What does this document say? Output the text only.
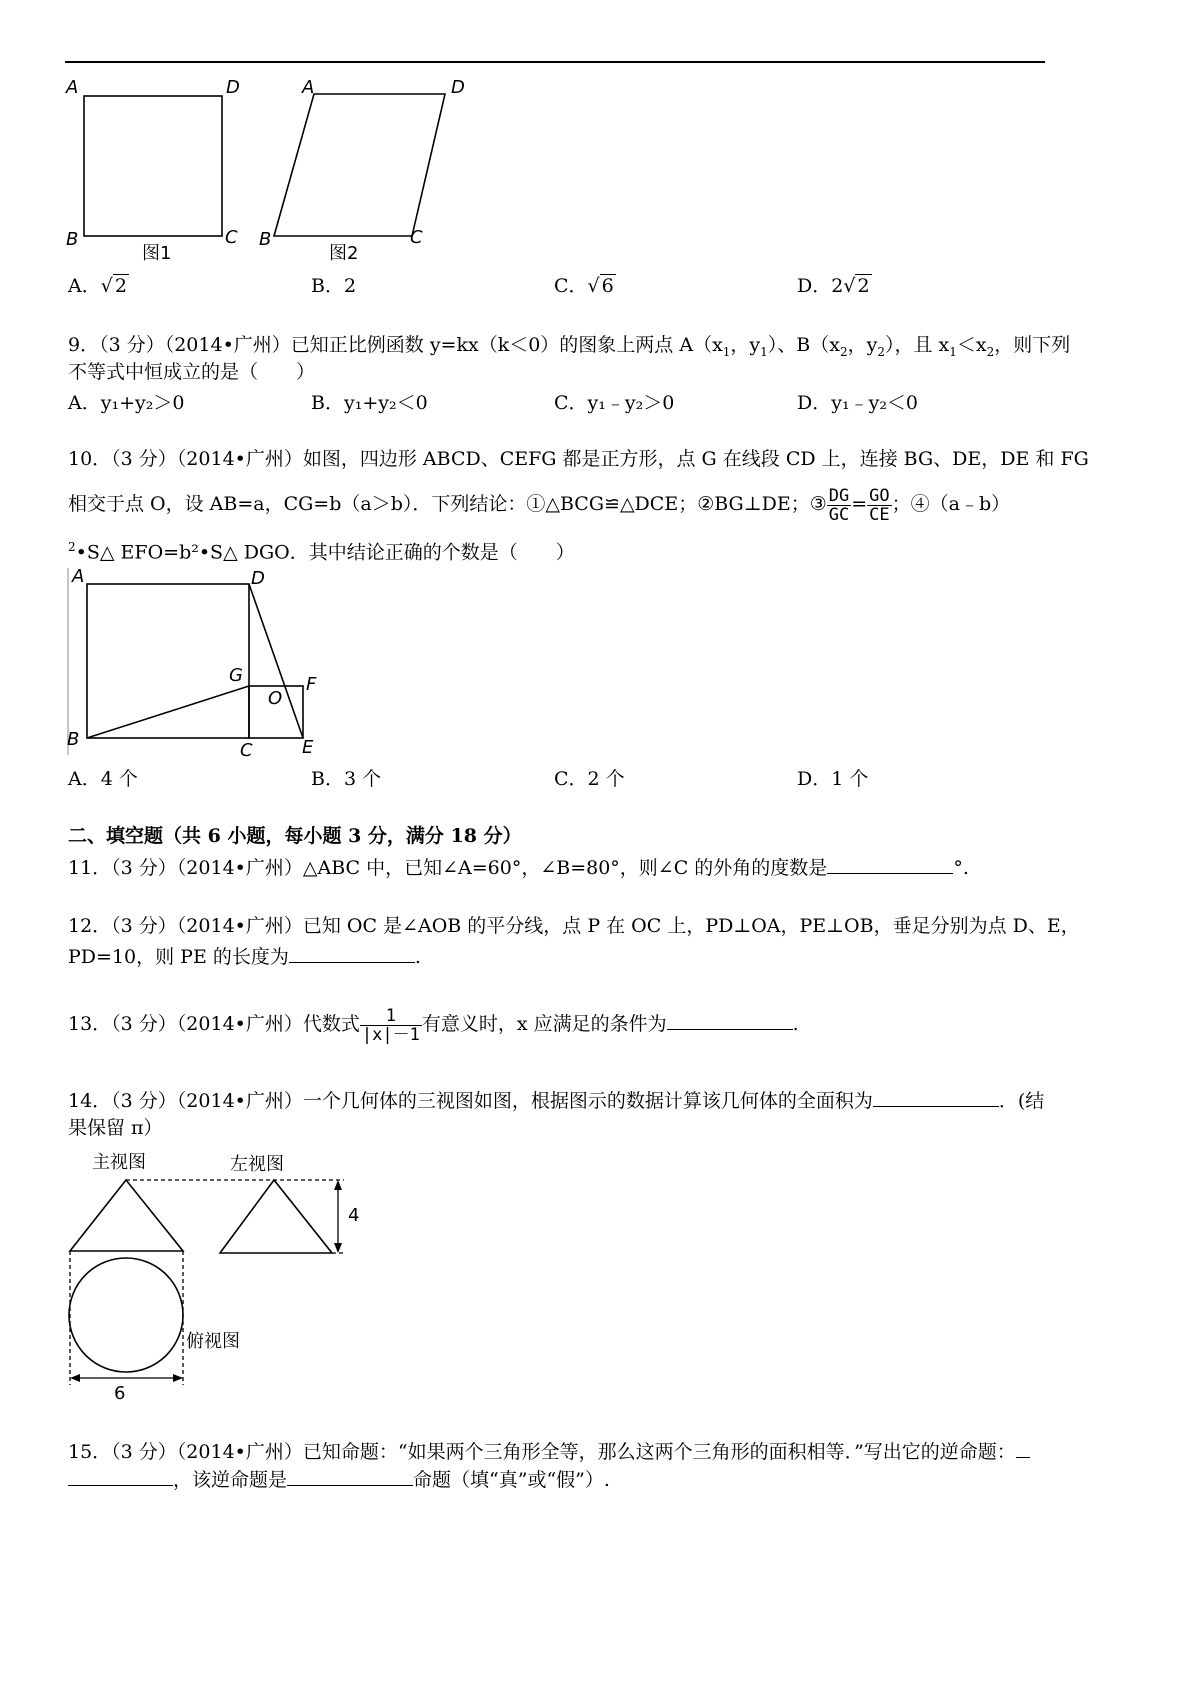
A	D
B	C
图1
A	D
B	C
图2
A．√ 2	B．2	C．√ 6	D．2√ 2
9．（3 分）（2014•广州）已知正比例函数 y=kx（k＜0）的图象上两点 $A(x_1$，$y_1$）、$B(x_2$，$y_2$），且 $x_1<x_2$，则下列
不等式中恒成立的是（　　）
A．y₁+y₂＞0	B．y₁+y₂＜0	C．y₁﹣y₂＞0	D．y₁﹣y₂＜0
10．（3 分）（2014•广州）如图，四边形 ABCD、CEFG 都是正方形，点 G 在线段 CD 上，连接 BG、DE，DE 和 FG
相交于点 O，设 AB=a，CG=b（a＞b）．下列结论：①△BCG≌△DCE；②BG⊥DE；③ $\frac{DG}{GC} = \frac{GO}{CE}$ ；④（a﹣b）
$^2$•S△ EFO=b²•S△ DGO．其中结论正确的个数是（　　）
A	D
G	F
O
B
C	E
A．4 个	B．3 个	C．2 个	D．1 个
二、填空题（共 6 小题，每小题 3 分，满分 18 分）
11．（3 分）（2014•广州）△ABC 中，已知∠A=60°，∠B=80°，则∠C 的外角的度数是	°.
12．（3 分）（2014•广州）已知 OC 是∠AOB 的平分线，点 P 在 OC 上，PD⊥OA，PE⊥OB，垂足分别为点 D、E，
PD=10，则 PE 的长度为	.
13．（3 分）（2014•广州）代数式 $\frac{1}{|x|-1}$ 有意义时，x 应满足的条件为	.
14．（3 分）（2014•广州）一个几何体的三视图如图，根据图示的数据计算该几何体的全面积为	．(结
果保留 π）
主视图	左视图
俯视图
4
6
15．（3 分）（2014•广州）已知命题：“如果两个三角形全等，那么这两个三角形的面积相等．”写出它的逆命题：
，该逆命题是	命题（填“真”或“假”）.
